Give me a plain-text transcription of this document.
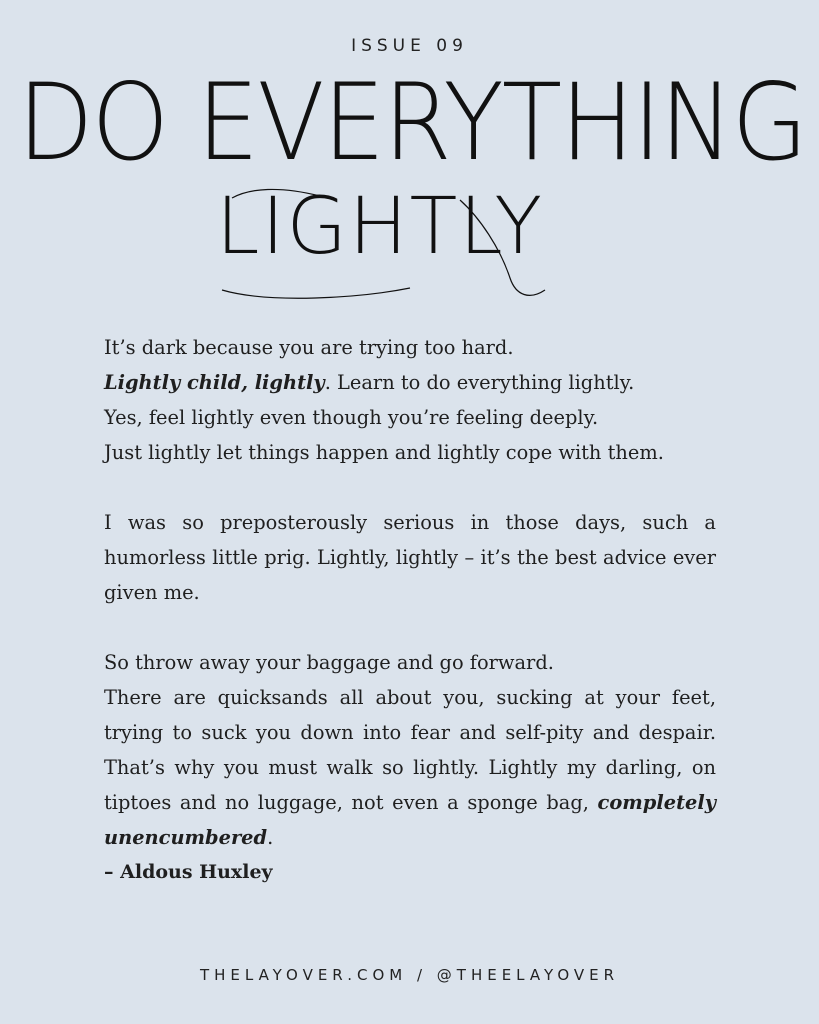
ISSUE 09
DO EVERYTHING
LIGHTLY

It’s dark because you are trying too hard.

Lightly child, lightly. Learn to do everything lightly.

Yes, feel lightly even though you’re feeling deeply.

Just lightly let things happen and lightly cope with them.

I was so preposterously serious in those days, such a humorless little prig. Lightly, lightly – it’s the best advice ever given me.

So throw away your baggage and go forward.

There are quicksands all about you, sucking at your feet, trying to suck you down into fear and self-pity and despair. That’s why you must walk so lightly. Lightly my darling, on tiptoes and no luggage, not even a sponge bag, completely unencumbered.

– Aldous Huxley

THELAYOVER.COM / @THEELAYOVER
